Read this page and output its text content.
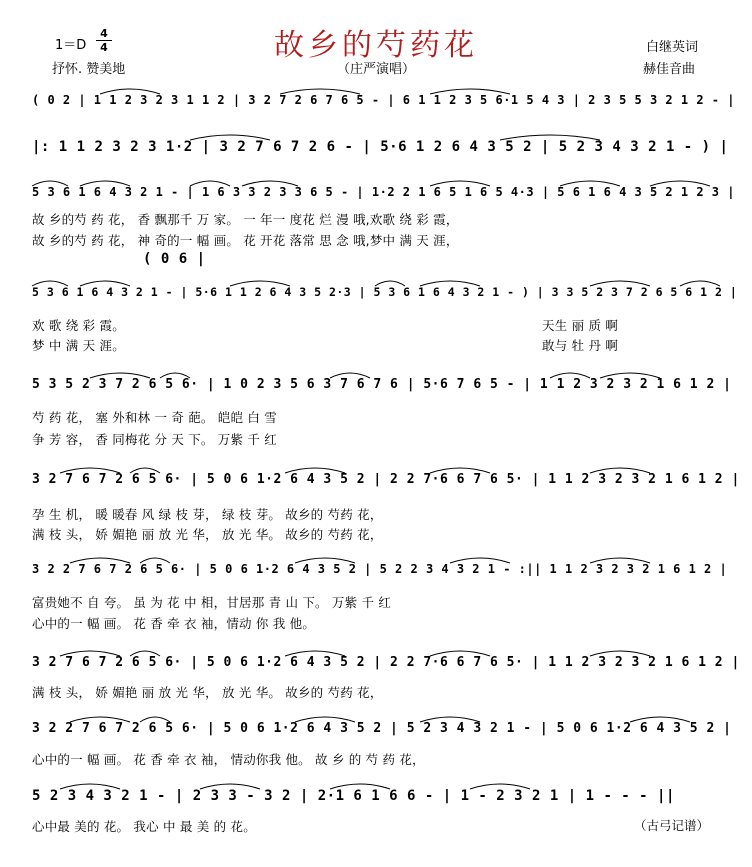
故乡的芍药花
1＝D
4
4
抒怀. 赞美地	（庄严演唱）
白继英词
赫佳音曲
( 0 2 | 1 1 2 3 2 3 1 1 2 | 3 2 7 2 6 7 6 5 - | 6 1 1 2 3 5 6·1 5 4 3 | 2 3 5 5 3 2 1 2 - |
|: 1 1 2 3 2 3 1·2 | 3 2 7 6 7 2 6 - | 5·6 1 2 6 4 3 5 2 | 5 2 3 4 3 2 1 - ) |
5 3 6 1 6 4 3 2 1 - | 1 6 3 3 2 3 3 6 5 - | 1·2 2 1 6 5 1 6 5 4·3 | 5 6 1 6 4 3 5 2 1 2 3 |
故 乡的芍 药 花， 香 飘那千 万 家。 一 年一 度花 烂 漫 哦,欢歌 绕 彩 霞，
故 乡的芍 药 花， 神 奇的一 幅 画。 花 开花 落常 思 念 哦,梦中 满 天 涯，
( 0 6 |
5 3 6 1 6 4 3 2 1 - | 5·6 1 1 2 6 4 3 5 2·3 | 5 3 6 1 6 4 3 2 1 - ) | 3 3 5 2 3 7 2 6 5 6 1 2 |
欢 歌 绕 彩 霞。
梦 中 满 天 涯。
天生 丽 质 啊
敢与 牡 丹 啊
5 3 5 2 3 7 2 6 5 6· | 1 0 2 3 5 6 3 7 6 7 6 | 5·6 7 6 5 - | 1 1 2 3 2 3 2 1 6 1 2 |
芍 药 花， 塞 外和林 一 奇 葩。 皑皑 白 雪
争 芳 容， 香 同梅花 分 天 下。 万紫 千 红
3 2 7 6 7 2 6 5 6· | 5 0 6 1·2 6 4 3 5 2 | 2 2 7·6 6 7 6 5· | 1 1 2 3 2 3 2 1 6 1 2 |
孕 生 机， 暖 暖春 风 绿 枝 芽， 绿 枝 芽。 故乡的 芍药 花，
满 枝 头， 娇 媚艳 丽 放 光 华， 放 光 华。 故乡的 芍药 花，
3 2 2 7 6 7 2 6 5 6· | 5 0 6 1·2 6 4 3 5 2 | 5 2 2 3 4 3 2 1 - :|| 1 1 2 3 2 3 2 1 6 1 2 |
富贵她不 自 夸。 虽 为 花 中 相，甘居那 青 山 下。 万紫 千 红
心中的一 幅 画。 花 香 牵 衣 袖，情动 你 我 他。
3 2 7 6 7 2 6 5 6· | 5 0 6 1·2 6 4 3 5 2 | 2 2 7·6 6 7 6 5· | 1 1 2 3 2 3 2 1 6 1 2 |
满 枝 头， 娇 媚艳 丽 放 光 华， 放 光 华。 故乡的 芍药 花，
3 2 2 7 6 7 2 6 5 6· | 5 0 6 1·2 6 4 3 5 2 | 5 2 3 4 3 2 1 - | 5 0 6 1·2 6 4 3 5 2 |
心中的一 幅 画。 花 香 牵 衣 袖， 情动你我 他。 故 乡 的 芍 药 花，
5 2 3 4 3 2 1 - | 2 3 3 - 3 2 | 2·1 6 1 6 6 - | 1 - 2 3 2 1 | 1 - - - ||
心中最 美的 花。 我心 中 最 美 的 花。	（古弓记谱）
